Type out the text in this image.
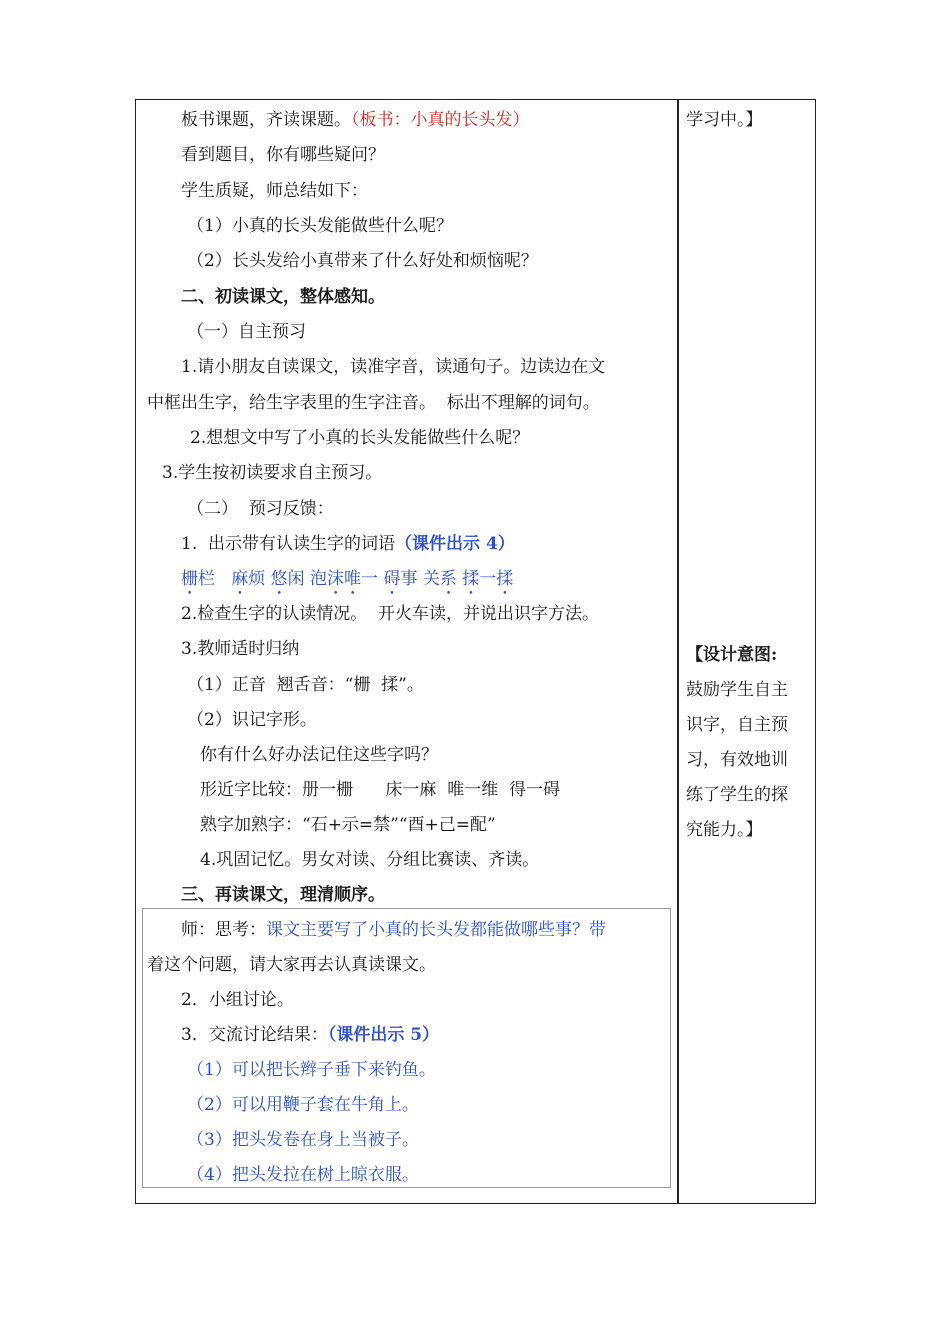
板书课题，齐读课题。（板书：小真的长头发）
看到题目，你有哪些疑问？
学生质疑，师总结如下：
（1）小真的长头发能做些什么呢？
（2）长头发给小真带来了什么好处和烦恼呢？
二、初读课文，整体感知。
（一）自主预习
1.请小朋友自读课文，读准字音，读通句子。边读边在文
中框出生字，给生字表里的生字注音。  标出不理解的词句。
2.想想文中写了小真的长头发能做些什么呢？
3.学生按初读要求自主预习。
（二）  预习反馈：
1.  出示带有认读生字的词语（课件出示 4）
栅栏 麻烦 悠闲 泡沫唯一 碍事 关系 揉一揉
2.检查生字的认读情况。  开火车读，并说出识字方法。
3.教师适时归纳
（1）正音  翘舌音：“栅  揉”。
（2）识记字形。
你有什么好办法记住这些字吗？
形近字比较：册一栅      床一麻  唯一维  得一碍
熟字加熟字：“石+示=禁”“酉+己=配”
4.巩固记忆。男女对读、分组比赛读、齐读。
三、再读课文，理清顺序。
师：思考：课文主要写了小真的长头发都能做哪些事？带
着这个问题，请大家再去认真读课文。
2．小组讨论。
3．交流讨论结果：（课件出示 5）
（1）可以把长辫子垂下来钓鱼。
（2）可以用鞭子套在牛角上。
（3）把头发卷在身上当被子。
（4）把头发拉在树上晾衣服。
学习中。】
【设计意图:
鼓励学生自主
识字，自主预
习，有效地训
练了学生的探
究能力。】
